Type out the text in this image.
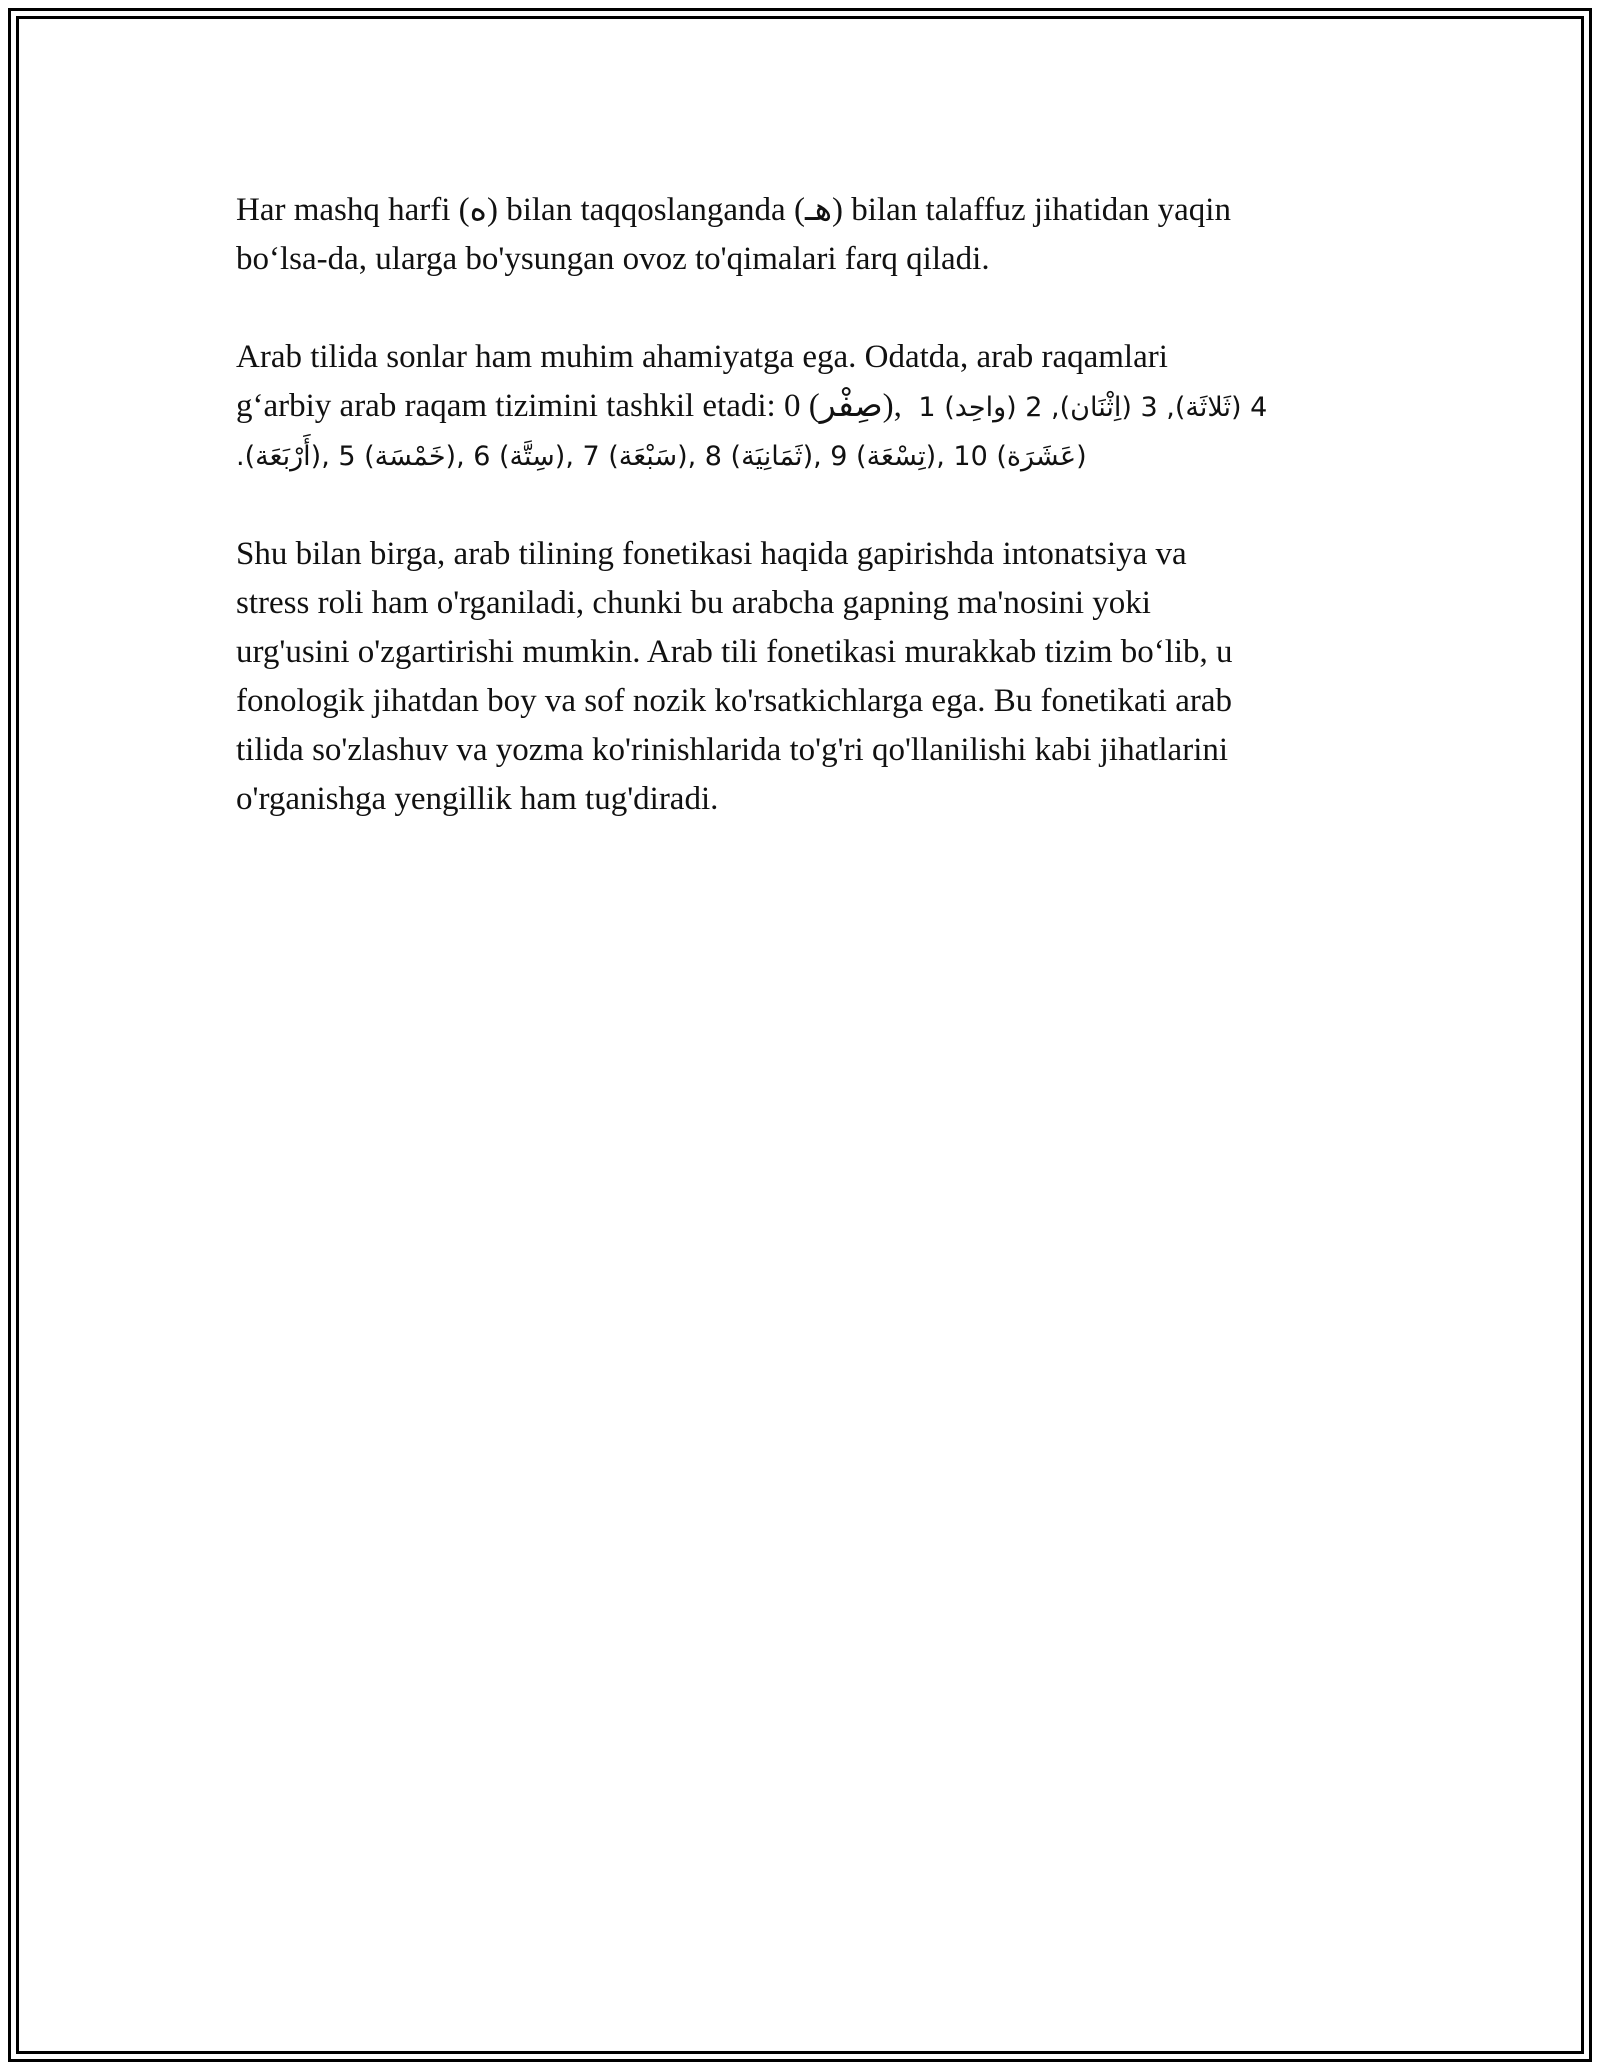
Har mashq harfi (ه) bilan taqqoslanganda (هـ) bilan talaffuz jihatidan yaqin
bo‘lsa-da, ularga bo'ysungan ovoz to'qimalari farq qiladi.

Arab tilida sonlar ham muhim ahamiyatga ega. Odatda, arab raqamlari
g‘arbiy arab raqam tizimini tashkil etadi: 0 (صِفْر), 4 (ثَلاثَة), 3 (اِثْنَان), 2 (واحِد) 1
(عَشَرَة) 10 ,(تِسْعَة) 9 ,(ثَمَانِيَة) 8 ,(سَبْعَة) 7 ,(سِتَّة) 6 ,(خَمْسَة) 5 ,(أَرْبَعَة).

Shu bilan birga, arab tilining fonetikasi haqida gapirishda intonatsiya va
stress roli ham o'rganiladi, chunki bu arabcha gapning ma'nosini yoki
urg'usini o'zgartirishi mumkin. Arab tili fonetikasi murakkab tizim bo‘lib, u
fonologik jihatdan boy va sof nozik ko'rsatkichlarga ega. Bu fonetikati arab
tilida so'zlashuv va yozma ko'rinishlarida to'g'ri qo'llanilishi kabi jihatlarini
o'rganishga yengillik ham tug'diradi.
